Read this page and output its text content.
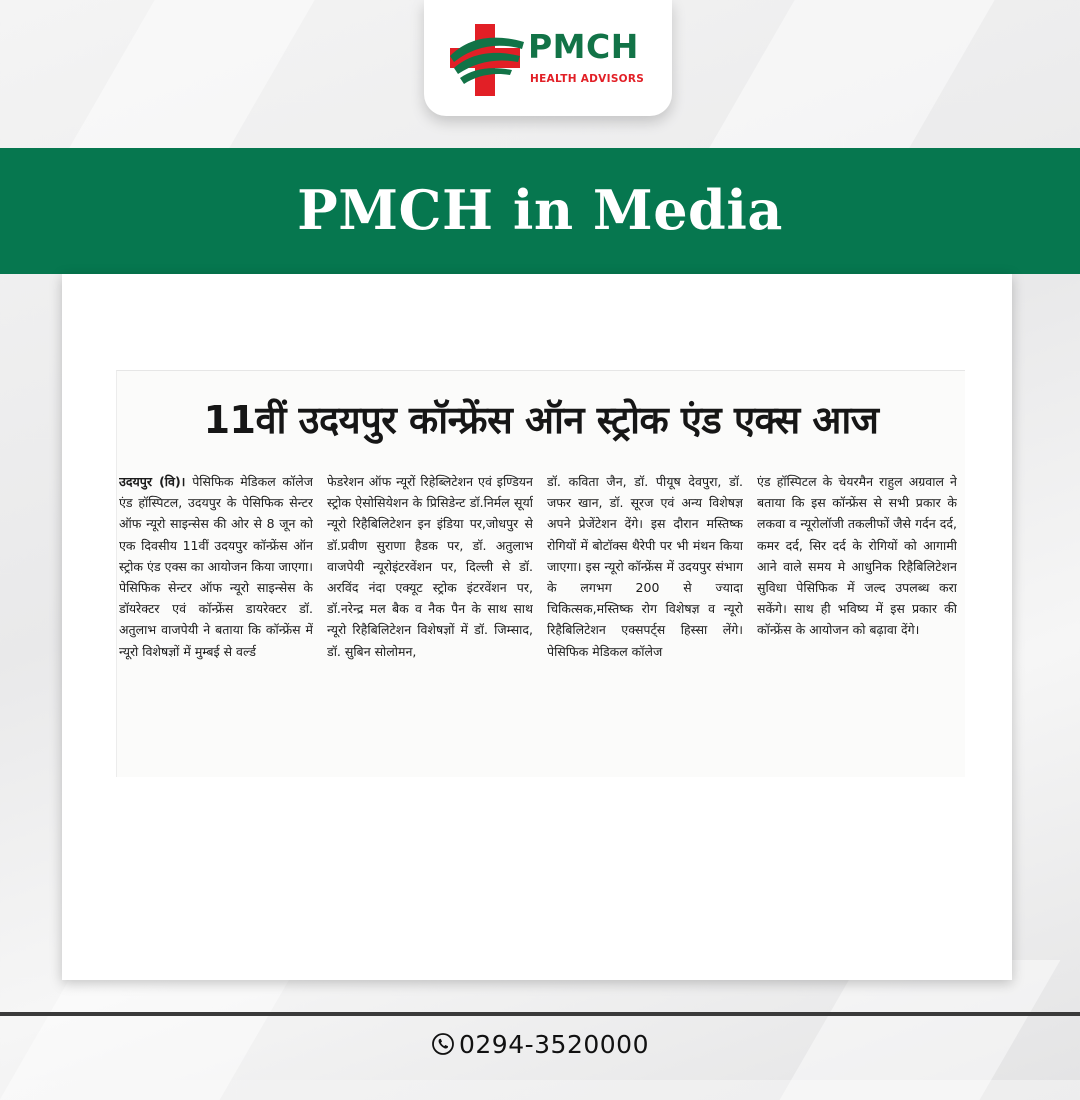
PMCH
HEALTH ADVISORS
PMCH in Media
11वीं उदयपुर कॉन्फ्रेंस ऑन स्ट्रोक एंड एक्स आज
उदयपुर (वि)। पेसिफिक मेडिकल कॉलेज एंड हॉस्पिटल, उदयपुर के पेसिफिक सेन्टर ऑफ न्यूरो साइन्सेस की ओर से 8 जून को एक दिवसीय 11वीं उदयपुर कॉन्फ्रेंस ऑन स्ट्रोक एंड एक्स का आयोजन किया जाएगा। पेसिफिक सेन्टर ऑफ न्यूरो साइन्सेस के डॉयरेक्टर एवं कॉन्फ्रेंस डायरेक्टर डॉ. अतुलाभ वाजपेयी ने बताया कि कॉन्फ्रेंस में न्यूरो विशेषज्ञों में मुम्बई से वर्ल्ड
फेडरेशन ऑफ न्यूरों रिहेब्लिटेशन एवं इण्डियन स्ट्रोक ऐसोसियेशन के प्रिसिडेन्ट डॉ.निर्मल सूर्या न्यूरो रिहैबिलिटेशन इन इंडिया पर,जोधपुर से डॉ.प्रवीण सुराणा हैडक पर, डॉ. अतुलाभ वाजपेयी न्यूरोइंटरवेंशन पर, दिल्ली से डॉ. अरविंद नंदा एक्यूट स्ट्रोक इंटरवेंशन पर, डॉ.नरेन्द्र मल बैक व नैक पैन के साथ साथ न्यूरो रिहैबिलिटेशन विशेषज्ञों में डॉ. जिम्साद, डॉ. सुबिन सोलोमन,
डॉ. कविता जैन, डॉ. पीयूष देवपुरा, डॉ. जफर खान, डॉ. सूरज एवं अन्य विशेषज्ञ अपने प्रेजेंटेशन देंगे। इस दौरान मस्तिष्क रोगियों में बोटॉक्स थैरेपी पर भी मंथन किया जाएगा। इस न्यूरो कॉन्फ्रेंस में उदयपुर संभाग के लगभग 200 से ज्यादा चिकित्सक,मस्तिष्क रोग विशेषज्ञ व न्यूरो रिहैबिलिटेशन एक्सपर्ट्स हिस्सा लेंगे। पेसिफिक मेडिकल कॉलेज
एंड हॉस्पिटल के चेयरमैन राहुल अग्रवाल ने बताया कि इस कॉन्फ्रेंस से सभी प्रकार के लकवा व न्यूरोलॉजी तकलीफों जैसे गर्दन दर्द, कमर दर्द, सिर दर्द के रोगियों को आगामी आने वाले समय मे आधुनिक रिहैबिलिटेशन सुविधा पेसिफिक में जल्द उपलब्ध करा सकेंगे। साथ ही भविष्य में इस प्रकार की कॉन्फ्रेंस के आयोजन को बढ़ावा देंगे।
0294-3520000
